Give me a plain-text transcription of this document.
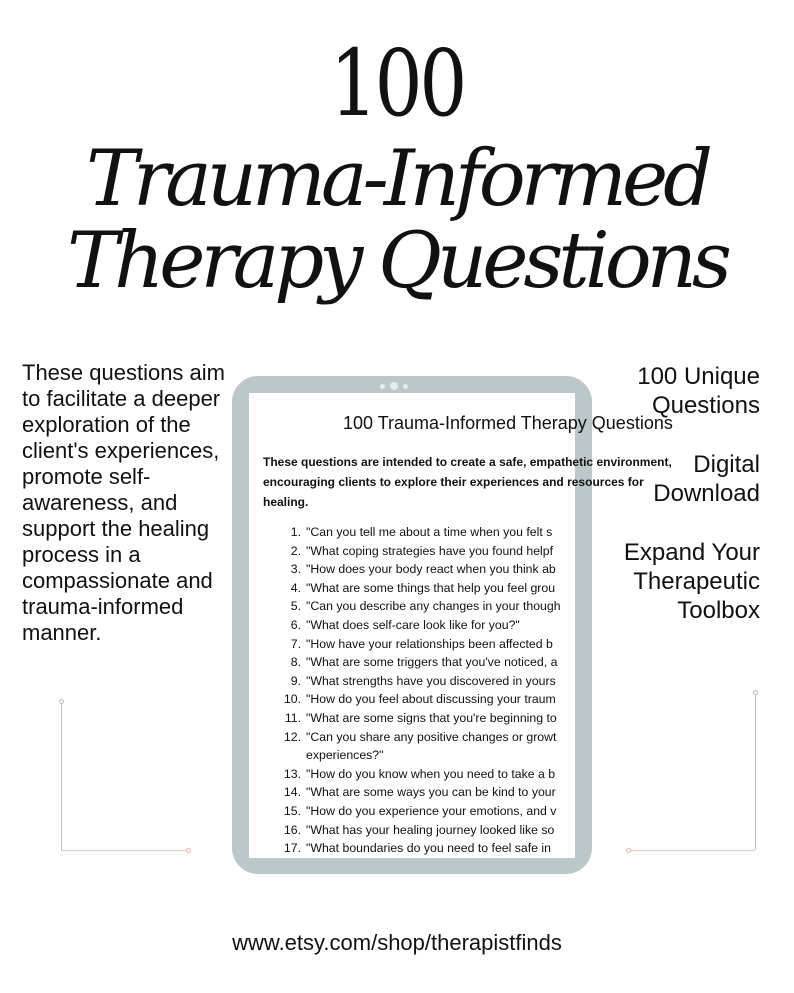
100
Trauma-Informed
Therapy Questions
These questions aim to facilitate a deeper exploration of the client's experiences, promote self-awareness, and support the healing process in a compassionate and trauma-informed manner.
100 Unique Questions
Digital Download
Expand Your Therapeutic Toolbox
100 Trauma-Informed Therapy Questions
These questions are intended to create a safe, empathetic environment, encouraging clients to explore their experiences and resources for healing.
1. "Can you tell me about a time when you felt s
2. "What coping strategies have you found helpf
3. "How does your body react when you think ab
4. "What are some things that help you feel grou
5. "Can you describe any changes in your though
6. "What does self-care look like for you?"
7. "How have your relationships been affected b
8. "What are some triggers that you've noticed, a
9. "What strengths have you discovered in yours
10. "How do you feel about discussing your traum
11. "What are some signs that you're beginning to
12. "Can you share any positive changes or growt
experiences?"
13. "How do you know when you need to take a b
14. "What are some ways you can be kind to your
15. "How do you experience your emotions, and v
16. "What has your healing journey looked like so
17. "What boundaries do you need to feel safe in
www.etsy.com/shop/therapistfinds
